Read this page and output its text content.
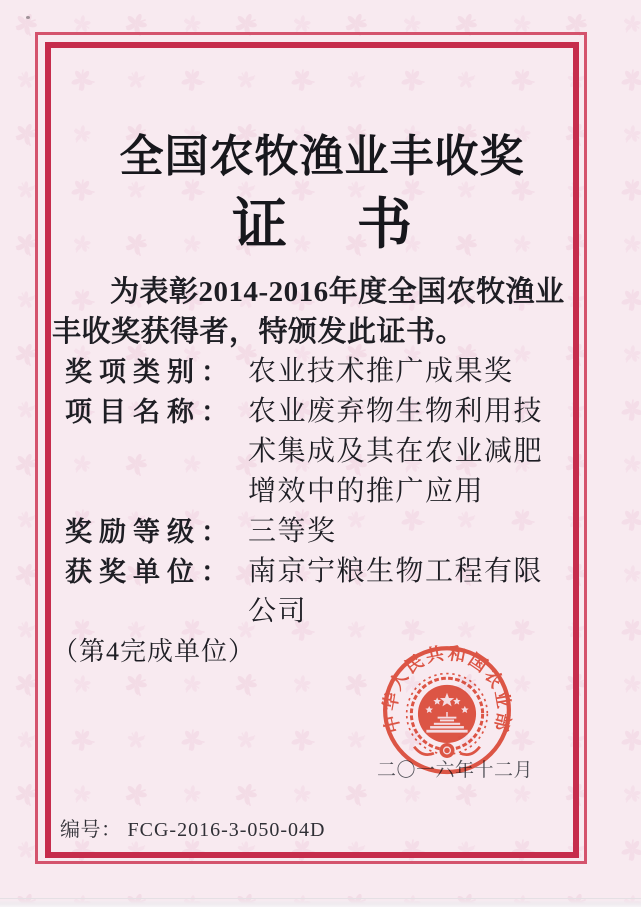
全国农牧渔业丰收奖
证 书

为表彰2014-2016年度全国农牧渔业丰收奖获得者，特颁发此证书。

奖项类别： 农业技术推广成果奖
项目名称： 农业废弃物生物利用技术集成及其在农业减肥增效中的推广应用
奖励等级： 三等奖
获奖单位： 南京宁粮生物工程有限公司
（第4完成单位）
二〇一六年十二月
中华人民共和国农业部
编号： FCG-2016-3-050-04D
